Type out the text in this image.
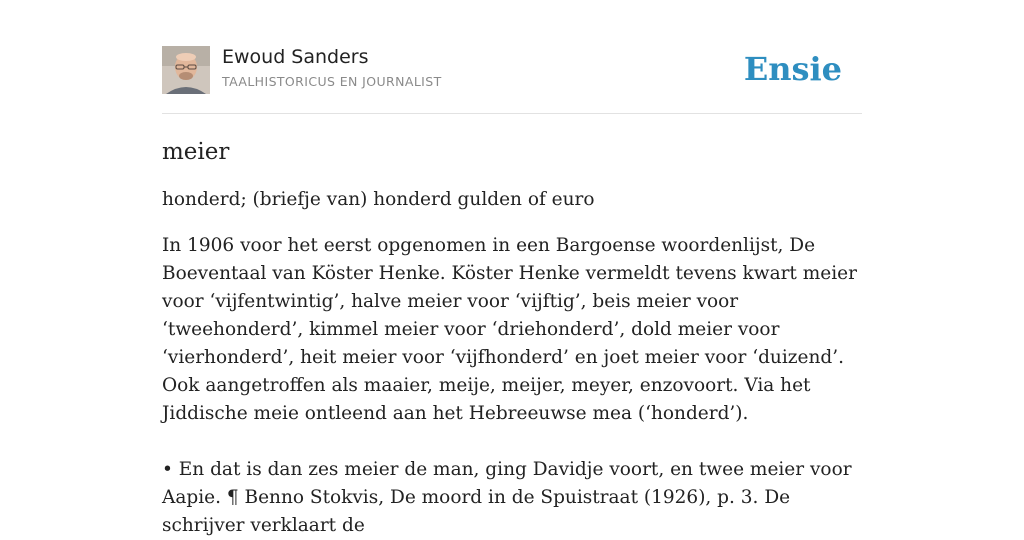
Ewoud Sanders
TAALHISTORICUS EN JOURNALIST	Ensie
meier

honderd; (briefje van) honderd gulden of euro

In 1906 voor het eerst opgenomen in een Bargoense woordenlijst, De Boeventaal van Köster Henke. Köster Henke vermeldt tevens kwart meier voor ‘vijfentwintig’, halve meier voor ‘vijftig’, beis meier voor ‘tweehonderd’, kimmel meier voor ‘driehonderd’, dold meier voor ‘vierhonderd’, heit meier voor ‘vijfhonderd’ en joet meier voor ‘duizend’. Ook aangetroffen als maaier, meije, meijer, meyer, enzovoort. Via het Jiddische meie ontleend aan het Hebreeuwse mea (‘honderd’).

• En dat is dan zes meier de man, ging Davidje voort, en twee meier voor Aapie. ¶ Benno Stokvis, De moord in de Spuistraat (1926), p. 3. De schrijver verklaart de
